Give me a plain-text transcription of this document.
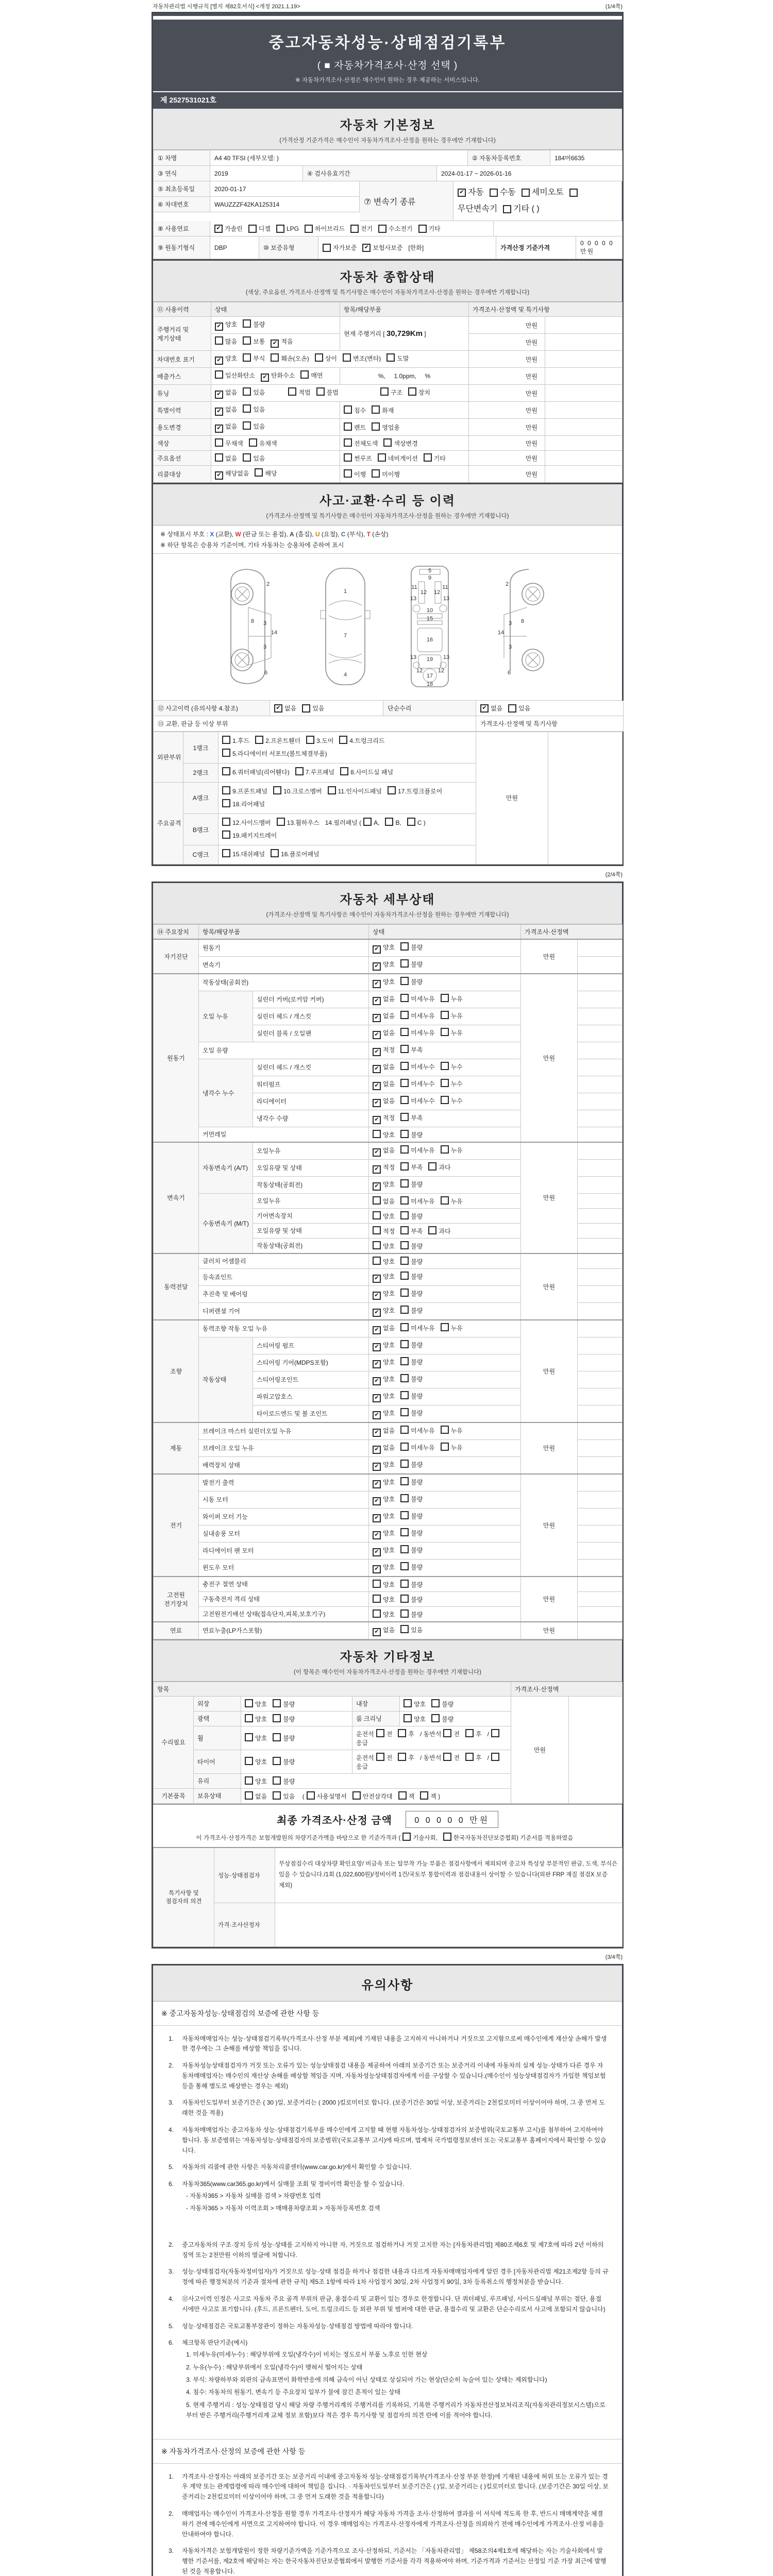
자동차관리법 시행규칙 [별지 제82호서식] <개정 2021.1.19>	(1/4쪽)
중고자동차성능·상태점검기록부
( ■ 자동차가격조사·산정 선택 )
※ 자동차가격조사·산정은 매수인이 원하는 경우 제공하는 서비스입니다.
제 2527531021호
자동차 기본정보
(가격산정 기준가격은 매수인이 자동차가격조사·산정을 원하는 경우에만 기재합니다)
① 차명	A4 40 TFSI (세부모델: )	② 자동차등록번호	184머6635
③ 연식	2019	④ 검사유효기간	2024-01-17 ~ 2026-01-16
⑤ 최초등록일	2020-01-17
⑥ 차대번호	WAUZZZF42KA125314	⑦ 변속기 종류
✔ 자동 수동 세미오토
무단변속기 기타 ( )
⑧ 사용연료	✔ 가솔린	디젤	LPG	하이브리드	전기	수소전기	기타
⑨ 원동기형식	DBP	⑩ 보증유형	자가보증	✔ 보험사보증 [한화]	가격산정 기준가격
0 0 0 0 0 만원
자동차 종합상태
(색상, 주요옵션, 가격조사·산정액 및 특기사항은 매수인이 자동차가격조사·산정을 원하는 경우에만 기재합니다)
⑪ 사용이력	상태	항목/해당부품	가격조사·산정액 및 특기사항	
주행거리 및 계기상태	✔ 양호 불량	현재 주행거리 [ 30,729Km ]	만원	
	많음 보통 ✔ 적음		만원	
차대번호 표기	✔ 양호 부식 훼손(오손) 상이 변조(변타) 도말		만원	
배출가스	일산화탄소 ✔ 탄화수소 매연	%,     1.0ppm,     %	만원	
튜닝	✔ 없음 있음 적법 불법 구조 장치		만원	
특별이력	✔ 없음 있음	침수 화재	만원	
용도변경	✔ 없음 있음	렌트 영업용	만원	
색상	무채색 유채색	전체도색 색상변경	만원	
주요옵션	없음 있음	썬루프 네비게이션 기타	만원	
리콜대상	✔ 해당없음 해당	이행 미이행	만원	
사고·교환·수리 등 이력
(가격조사·산정액 및 특기사항은 매수인이 자동차가격조사·산정을 원하는 경우에만 기재합니다)
※ 상태표시 부호 : X (교환), W (판금 또는 용접), A (흠집), U (요철), C (부식), T (손상)
※ 하단 항목은 승용차 기준이며, 기타 자동차는 승용차에 준하여 표시
2
8 3
14
3
6
1
7
4
5
9
11	11
13	13
12 12
10
15
16
19
13	13
12	12
17
18
2
8
3
14
3
6
⑫ 사고이력 (유의사항 4.참조)	✔ 없음	있음	단순수리	✔ 없음	있음
⑬ 교환, 판금 등 이상 부위	가격조사·산정액 및 특기사항
외판부위	1랭크	1.후드 2.프론트휀더 3.도어 4.트렁크리드
5.라디에이터 서포트(볼트체결부품)	만원	
	2랭크	6.쿼터패널(리어휀다) 7.루프패널 8.사이드실 패널		
주요골격	A랭크	9.프론트패널 10.크로스멤버 11.인사이드패널 17.트렁크플로어
18.리어패널		
	B랭크	12.사이드멤버 13.휠하우스 14.필러패널 ( A, B, C )
19.패키지트레이		
	C랭크	15.대쉬패널 16.플로어패널		
(2/4쪽)
자동차 세부상태
(가격조사·산정액 및 특기사항은 매수인이 자동차가격조사·산정을 원하는 경우에만 기재합니다)
⑭ 주요장치	항목/해당부품		상태	가격조사·산정액	
자기진단	원동기		✔ 양호 불량	만원	
	변속기		✔ 양호 불량		
원동기	작동상태(공회전)		✔ 양호 불량	만원	
	오일 누유	실린더 커버(로커암 커버)	✔ 없음 미세누유 누유		
		실린더 헤드 / 개스킷	✔ 없음 미세누유 누유		
		실린더 블록 / 오일팬	✔ 없음 미세누유 누유		
	오일 유량		✔ 적정 부족		
	냉각수 누수	실린더 헤드 / 개스킷	✔ 없음 미세누수 누수		
		워터펌프	✔ 없음 미세누수 누수		
		라디에이터	✔ 없음 미세누수 누수		
		냉각수 수량	✔ 적정 부족		
	커먼레일		양호 불량		
변속기	자동변속기 (A/T)	오일누유	✔ 없음 미세누유 누유	만원	
		오일유량 및 상태	✔ 적정 부족 과다		
		작동상태(공회전)	✔ 양호 불량		
	수동변속기 (M/T)	오일누유	없음 미세누유 누유		
		기어변속장치	양호 불량		
		오일유량 및 상태	적정 부족 과다		
		작동상태(공회전)	양호 불량		
동력전달	클러치 어셈블리		양호 불량	만원	
	등속죠인트		✔ 양호 불량		
	추진축 및 베어링		✔ 양호 불량		
	디퍼렌셜 기어		✔ 양호 불량		
조향	동력조향 작동 오일 누유		✔ 없음 미세누유 누유	만원	
	작동상태	스티어링 펌프	✔ 양호 불량		
		스티어링 기어(MDPS포함)	✔ 양호 불량		
		스티어링조인트	✔ 양호 불량		
		파워고압호스	✔ 양호 불량		
		타이로드엔드 및 볼 조인트	✔ 양호 불량		
제동	브레이크 마스터 실린더오일 누유		✔ 없음 미세누유 누유	만원	
	브레이크 오일 누유		✔ 없음 미세누유 누유		
	배력장치 상태		✔ 양호 불량		
전기	발전기 출력		✔ 양호 불량	만원	
	시동 모터		✔ 양호 불량		
	와이퍼 모터 기능		✔ 양호 불량		
	실내송풍 모터		✔ 양호 불량		
	라디에이터 팬 모터		✔ 양호 불량		
	윈도우 모터		✔ 양호 불량		
고전원 전기장치	충전구 절연 상태		양호 불량	만원	
	구동축전지 격리 상태		양호 불량		
	고전원전기배선 상태(접속단자,피복,보호기구)		양호 불량		
연료	연료누출(LP가스포함)		✔ 없음 있음	만원	
자동차 기타정보
(이 항목은 매수인이 자동차가격조사·산정을 원하는 경우에만 기재합니다)
항목					가격조사·산정액	
수리필요	외장	양호 불량	내장	양호 불량	만원	
	광택	양호 불량	룸 크리닝	양호 불량		
	휠	양호 불량	운전석 전 후 / 동반석 전 후 /응급			
	타이어	양호 불량	운전석 전 후 / 동반석 전 후 /응급			
	유리	양호 불량				
기본품목	보유상태	없음 있음 ( 사용설명서 안전삼각대 잭 잭 )				
최종 가격조사·산정 금액	0 0 0 0 0 만원
이 가격조사·산정가격은 보험개발원의 차량기준가액을 바탕으로 한 기준가격과 ( 기술사회,	한국자동차진단보증협회) 기준서를 적용하였음
특기사항 및 점검자의 의견	성능·상태점검자	무상점검수리 대상차량 확인요망/ 비금속 또는 탈부착 가능 부품은 점검사항에서 제외되며 중고차 특성상 부분적인 판금, 도색, 부식은 있을 수 있습니다./1회 (1,022,600원)/정비이력 1건/국토부 통합이력과 점검내용이 상이할 수 있습니다(외판 FRP 재질 점검X 보증 제외)
	가격·조사산정자	
(3/4쪽)
유의사항
※ 중고자동차성능·상태점검의 보증에 관한 사항 등
1.	자동차매매업자는 성능·상태점검기록부(가격조사·산정 부분 제외)에 기재된 내용을 고지하지 아니하거나 거짓으로 고지함으로써 매수인에게 재산상 손해가 발생한 경우에는 그 손해를 배상할 책임을 집니다.
2.	자동차성능상태점검자가 거짓 또는 오류가 있는 성능상태점검 내용을 제공하여 아래의 보증기간 또는 보증거리 이내에 자동차의 실제 성능·상태가 다른 경우 자동차매매업자는 매수인의 재산상 손해를 배상할 책임을 지며, 자동차성능상태점검자에게 이를 구상할 수 있습니다.(매수인이 성능상태점검자가 가입한 책임보험 등을 통해 별도로 배상받는 경우는 제외)
3.	자동차인도일부터 보증기간은 ( 30 )일, 보증거리는 ( 2000 )킬로미터로 합니다. (보증기간은 30일 이상, 보증거리는 2천킬로미터 이상이어야 하며, 그 중 먼저 도래한 것을 적용)
4.	자동차매매업자는 중고자동차 성능·상태점검기록부를 매수인에게 고지할 때 현행 자동차성능·상태점검자의 보증범위(국토교통부 고시)를 첨부하여 고지하여야 합니다. 동 보증범위는 '자동차성능·상태점검자의 보증범위'(국토교통부 고시)에 따르며, 법제처 국가법령정보센터 또는 국토교통부 홈페이지에서 확인할 수 있습니다.
5.	자동차의 리콜에 관한 사항은 자동차리콜센터(www.car.go.kr)에서 확인할 수 있습니다.
6.	자동차365(www.car365.go.kr)에서 실매물 조회 및 정비이력 확인을 할 수 있습니다.
- 자동차365 > 자동차 실매물 검색 > 차량번호 입력
- 자동차365 > 자동차 이력조회 > 매매용차량조회 > 자동차등록번호 검색
2.	중고자동차의 구조·장치 등의 성능·상태를 고지하지 아니한 자, 거짓으로 점검하거나 거짓 고지한 자는 [자동차관리법] 제80조제6호 및 제7호에 따라 2년 이하의 징역 또는 2천만원 이하의 벌금에 처합니다.
3.	성능·상태점검자(자동차정비업자)가 거짓으로 성능·상태 점검을 하거나 점검한 내용과 다르게 자동차매매업자에게 알린 경우 [자동차관리법 제21조제2항 등의 규정에 따른 행정처분의 기준과 절차에 관한 규칙] 제5조 1항에 따라 1차 사업정지 30일, 2차 사업정지 90일, 3차 등록취소의 행정처분을 받습니다.
4.	⑫사고이력 인정은 사고로 자동차 주요 골격 부위의 판금, 용접수리 및 교환이 있는 경우로 한정합니다. 단 쿼터패널, 루프패널, 사이드실패널 부위는 절단, 용접 시에만 사고로 표기합니다. (후드, 프론트펜더, 도어, 트렁크리드 등 외판 부위 및 범퍼에 대한 판금, 용접수리 및 교환은 단순수리로서 사고에 포함되지 않습니다)
5.	성능·상태점검은 국토교통부장관이 정하는 자동차성능·상태점검 방법에 따라야 합니다.
6.	체크항목 판단기준(예시)
1. 미세누유(미세누수) : 해당부위에 오일(냉각수)이 비치는 정도로서 부품 노후로 인한 현상
2. 누유(누수) : 해당부위에서 오일(냉각수)이 맺혀서 떨어지는 상태
3. 부식: 차량하부와 외판의 금속표면이 화학반응에 의해 금속이 아닌 상태로 상실되어 가는 현상(단순히 녹슬어 있는 상태는 제외합니다)
4. 침수: 자동차의 원동기, 변속기 등 주요장치 일부가 물에 잠긴 흔적이 있는 상태
5. 현재 주행거리 : 성능·상태점검 당시 해당 차량 주행거리계의 주행거리를 기록하되, 기록한 주행거리가 자동차전산정보처리조직(자동차관리정보시스템)으로부터 받은 주행거리(주행거리계 교체 정보 포함)보다 적은 경우 특기사항 및 점검자의 의견 란에 이를 적어야 합니다.
※ 자동차가격조사·산정의 보증에 관한 사항 등
1.	가격조사·산정자는 아래의 보증기간 또는 보증거리 이내에 중고자동차 성능·상태점검기록부(가격조사·산정 부분 한정)에 기재된 내용에 허위 또는 오류가 있는 경우 계약 또는 관계법령에 따라 매수인에 대하여 책임을 집니다. · 자동차인도일부터 보증기간은 ( )일, 보증거리는 ( )킬로미터로 합니다. (보증기간은 30일 이상, 보증거리는 2천킬로미터 이상이어야 하며, 그 중 먼저 도래한 것을 적용합니다)
2.	매매업자는 매수인이 가격조사·산정을 원할 경우 가격조사·산정자가 해당 자동차 가격을 조사·산정하여 결과를 이 서식에 적도록 한 후, 반드시 매매계약을 체결하기 전에 매수인에게 서면으로 고지하여야 합니다. 이 경우 매매업자는 가격조사·산정자에게 가격조사·산정을 의뢰하기 전에 매수인에게 가격조사·산정 비용을 안내하여야 합니다.
3.	자동차가격은 보험개발원이 정한 차량기준가액을 기준가격으로 조사·산정하되, 기준서는 「자동차관리법」 제58조의4제1호에 해당하는 자는 기술사회에서 발행한 기준서를, 제2호에 해당하는 자는 한국자동차진단보증협회에서 발행한 기준서를 각각 적용하여야 하며, 기준가격과 기준서는 산정일 기준 가장 최근에 발행된 것을 적용합니다.
